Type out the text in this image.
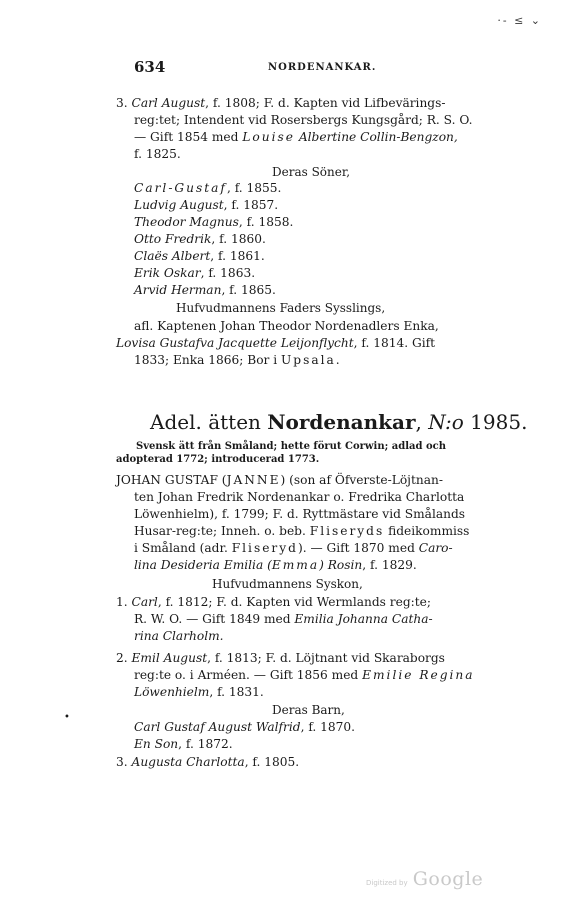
·‑ ≤ ⌄
634	NORDENANKAR.
3. Carl August, f. 1808; F. d. Kapten vid Lifbevärings-
reg:tet; Intendent vid Rosersbergs Kungsgård; R. S. O.
— Gift 1854 med Louise Albertine Collin-Bengzon,
f. 1825.
Deras Söner,
Carl-Gustaf, f. 1855.
Ludvig August, f. 1857.
Theodor Magnus, f. 1858.
Otto Fredrik, f. 1860.
Claës Albert, f. 1861.
Erik Oskar, f. 1863.
Arvid Herman, f. 1865.
Hufvudmannens Faders Sysslings,
afl. Kaptenen Johan Theodor Nordenadlers Enka,
Lovisa Gustafva Jacquette Leijonflycht, f. 1814. Gift
1833; Enka 1866; Bor i Upsala.
Adel. ätten Nordenankar, N:o 1985.
Svensk ätt från Småland; hette förut Corwin; adlad och
adopterad 1772; introducerad 1773.
JOHAN GUSTAF (JANNE) (son af Öfverste-Löjtnan-
ten Johan Fredrik Nordenankar o. Fredrika Charlotta
Löwenhielm), f. 1799; F. d. Ryttmästare vid Smålands
Husar-reg:te; Inneh. o. beb. Fliseryds fideikommiss
i Småland (adr. Fliseryd). — Gift 1870 med Caro-
lina Desideria Emilia (Emma) Rosin, f. 1829.
Hufvudmannens Syskon,
1. Carl, f. 1812; F. d. Kapten vid Wermlands reg:te;
R. W. O. — Gift 1849 med Emilia Johanna Catha-
rina Clarholm.
2. Emil August, f. 1813; F. d. Löjtnant vid Skaraborgs
reg:te o. i Arméen. — Gift 1856 med Emilie Regina
Löwenhielm, f. 1831.
Deras Barn,
Carl Gustaf August Walfrid, f. 1870.
En Son, f. 1872.
3. Augusta Charlotta, f. 1805.
•
Digitized by Google
